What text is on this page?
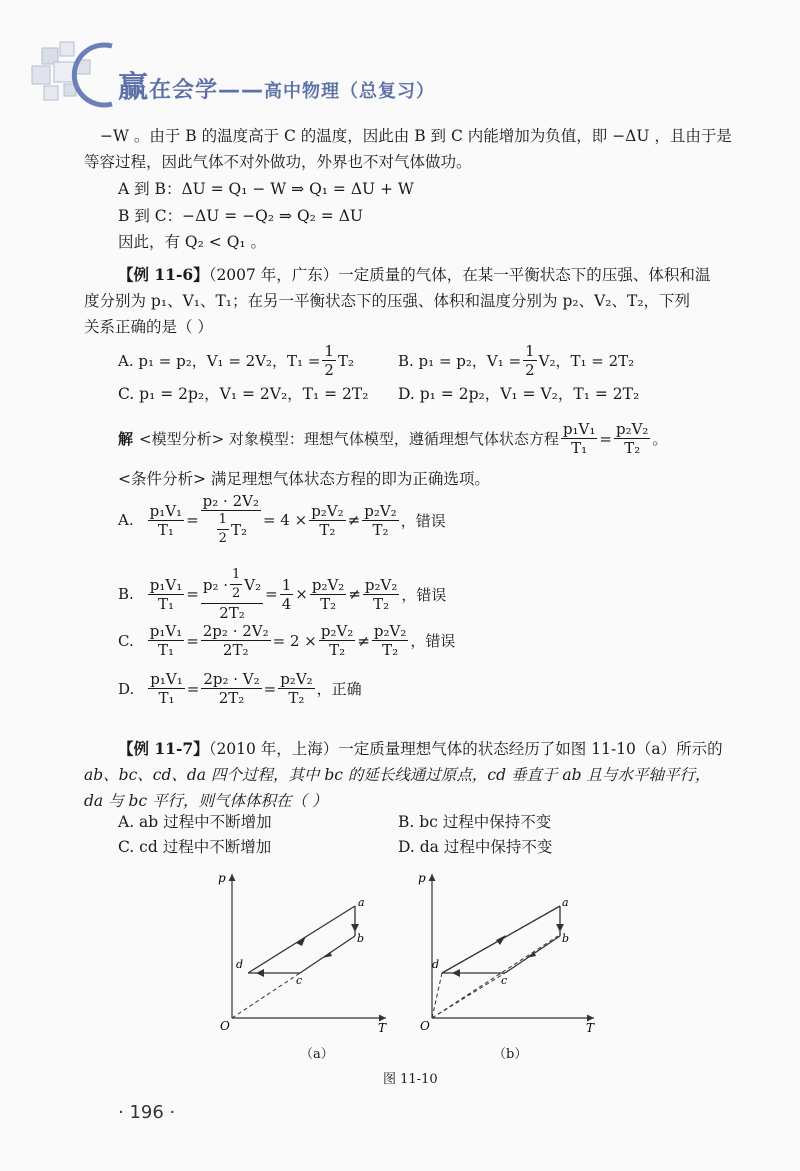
赢在会学——高中物理（总复习）
−W 。由于 B 的温度高于 C 的温度，因此由 B 到 C 内能增加为负值，即 −ΔU ，且由于是
等容过程，因此气体不对外做功，外界也不对气体做功。
A 到 B：ΔU = Q₁ − W ⇒ Q₁ = ΔU + W
B 到 C：−ΔU = −Q₂ ⇒ Q₂ = ΔU
因此，有 Q₂ < Q₁ 。
【例 11-6】（2007 年，广东）一定质量的气体，在某一平衡状态下的压强、体积和温
度分别为 p₁、V₁、T₁；在另一平衡状态下的压强、体积和温度分别为 p₂、V₂、T₂，下列
关系正确的是（ ）
A. p₁ = p₂，V₁ = 2V₂，$T_1 = \frac{1}{2} T_2$	B. p₁ = p₂，$V_1 = \frac{1}{2} V_2$，T₁ = 2T₂
C. p₁ = 2p₂，V₁ = 2V₂，T₁ = 2T₂ D. p₁ = 2p₂，V₁ = V₂，T₁ = 2T₂
解 <模型分析> 对象模型：理想气体模型，遵循理想气体状态方程 $\frac{\text{p₁V₁}}{\text{T₁}} = \frac{\text{p₂V₂}}{\text{T₂}}$ 。
<条件分析> 满足理想气体状态方程的即为正确选项。
A. $\frac{\text{p₁V₁}}{\text{T₁}} = \frac{\text{p₂ · 2V₂}}{\frac{1}{2} T_2} = 4 \times \frac{\text{p₂V₂}}{\text{T₂}} \ne \frac{\text{p₂V₂}}{\text{T₂}}$ ，错误
B. $\frac{\text{p₁V₁}}{\text{T₁}} = \frac{p_2 \cdot \frac{1}{2} V_2}{\text{2T₂}} = \frac{1}{4} \times \frac{\text{p₂V₂}}{\text{T₂}} \ne \frac{\text{p₂V₂}}{\text{T₂}}$ ，错误
C. $\frac{\text{p₁V₁}}{\text{T₁}} = \frac{\text{2p₂ · 2V₂}}{\text{2T₂}} = 2 \times \frac{\text{p₂V₂}}{\text{T₂}} \ne \frac{\text{p₂V₂}}{\text{T₂}}$ ，错误
D. $\frac{\text{p₁V₁}}{\text{T₁}} = \frac{\text{2p₂ · V₂}}{\text{2T₂}} = \frac{\text{p₂V₂}}{\text{T₂}}$ ，正确
【例 11-7】（2010 年，上海）一定质量理想气体的状态经历了如图 11-10（a）所示的
ab、bc、cd、da 四个过程，其中 bc 的延长线通过原点，cd 垂直于 ab 且与水平轴平行，
da 与 bc 平行，则气体体积在（ ）
A. ab 过程中不断增加	B. bc 过程中保持不变
C. cd 过程中不断增加	D. da 过程中保持不变
p
T
O
a
b
c
d
p
T
O
a
b
c
d
（a）	（b）
图 11-10
· 196 ·
